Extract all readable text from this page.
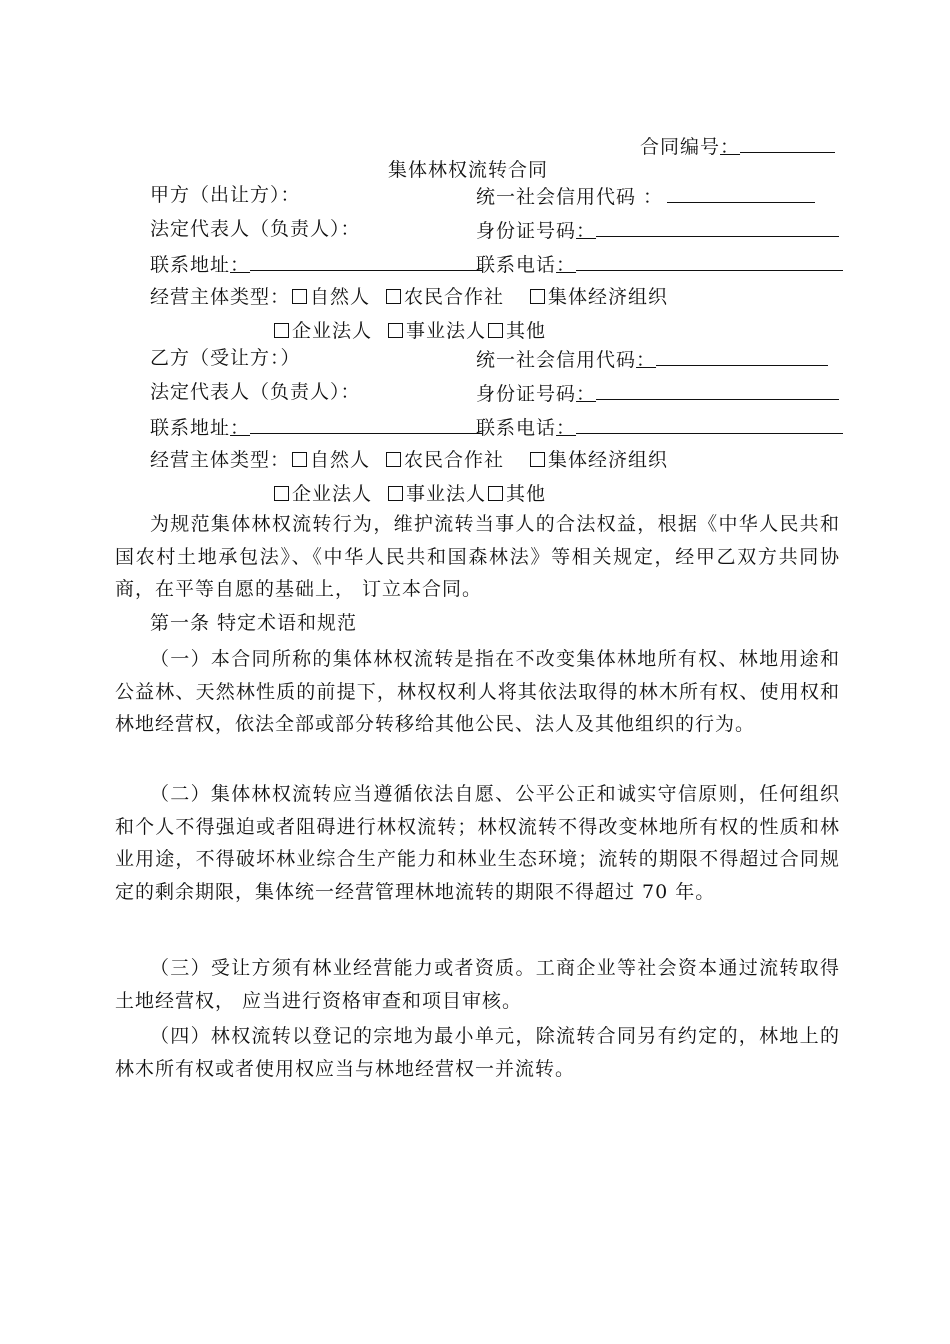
合同编号：
集体林权流转合同
甲方（出让方）：	统一社会信用代码 ：
法定代表人（负责人）：	身份证号码：
联系地址：	联系电话：
经营主体类型： 自然人 农民合作社 集体经济组织
企业法人 事业法人 其他
乙方（受让方：）	统一社会信用代码：
法定代表人（负责人）：	身份证号码：
联系地址：	联系电话：
经营主体类型： 自然人 农民合作社 集体经济组织
企业法人 事业法人 其他
为规范集体林权流转行为，维护流转当事人的合法权益，根据《中华人民共和国农村土地承包法》、《中华人民共和国森林法》等相关规定，经甲乙双方共同协商，在平等自愿的基础上， 订立本合同。
第一条 特定术语和规范
（一）本合同所称的集体林权流转是指在不改变集体林地所有权、林地用途和公益林、天然林性质的前提下，林权权利人将其依法取得的林木所有权、使用权和林地经营权，依法全部或部分转移给其他公民、法人及其他组织的行为。
（二）集体林权流转应当遵循依法自愿、公平公正和诚实守信原则，任何组织和个人不得强迫或者阻碍进行林权流转；林权流转不得改变林地所有权的性质和林业用途，不得破坏林业综合生产能力和林业生态环境；流转的期限不得超过合同规定的剩余期限，集体统一经营管理林地流转的期限不得超过 70 年。
（三）受让方须有林业经营能力或者资质。工商企业等社会资本通过流转取得土地经营权， 应当进行资格审查和项目审核。
（四）林权流转以登记的宗地为最小单元，除流转合同另有约定的，林地上的林木所有权或者使用权应当与林地经营权一并流转。
